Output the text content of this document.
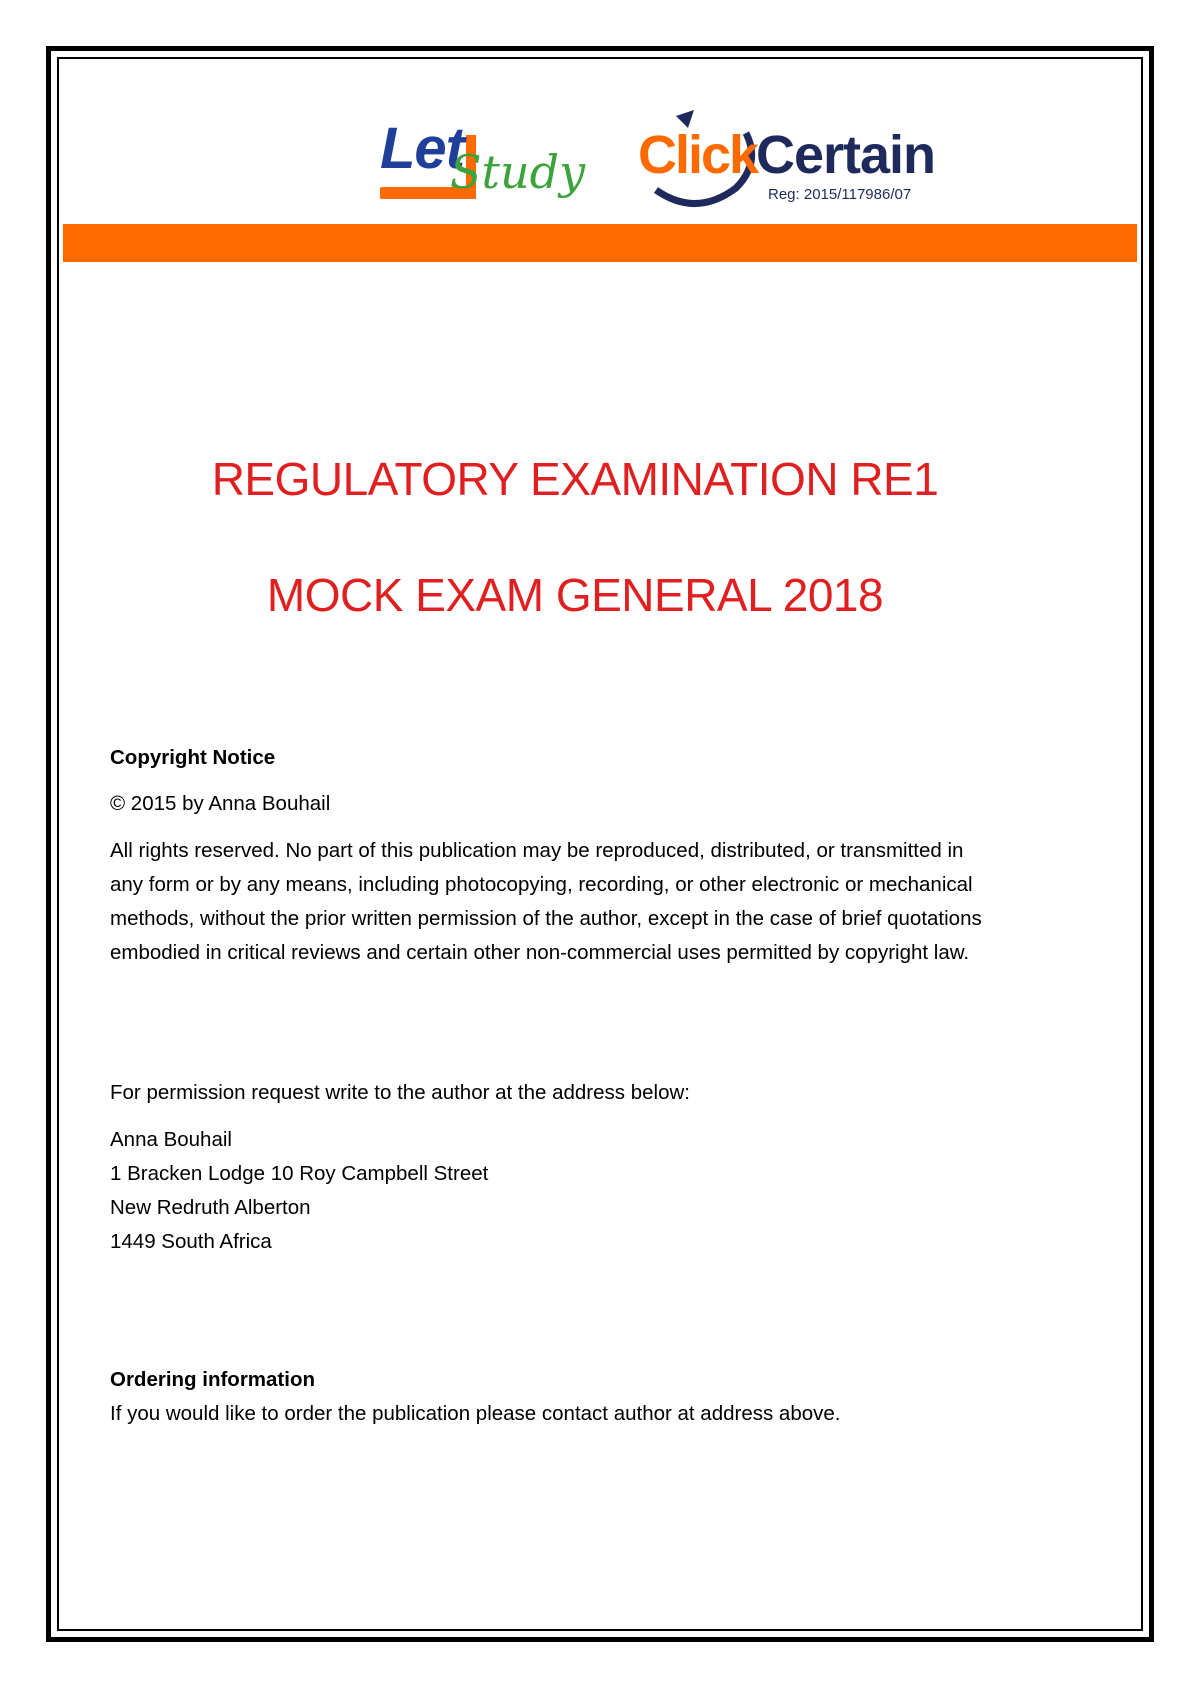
Let
Study Click
Certain
Reg: 2015/117986/07
REGULATORY EXAMINATION RE1
MOCK EXAM GENERAL 2018
Copyright Notice
© 2015 by Anna Bouhail
All rights reserved. No part of this publication may be reproduced, distributed, or transmitted in
any form or by any means, including photocopying, recording, or other electronic or mechanical
methods, without the prior written permission of the author, except in the case of brief quotations
embodied in critical reviews and certain other non-commercial uses permitted by copyright law.
For permission request write to the author at the address below:
Anna Bouhail
1 Bracken Lodge 10 Roy Campbell Street
New Redruth Alberton
1449 South Africa
Ordering information
If you would like to order the publication please contact author at address above.
